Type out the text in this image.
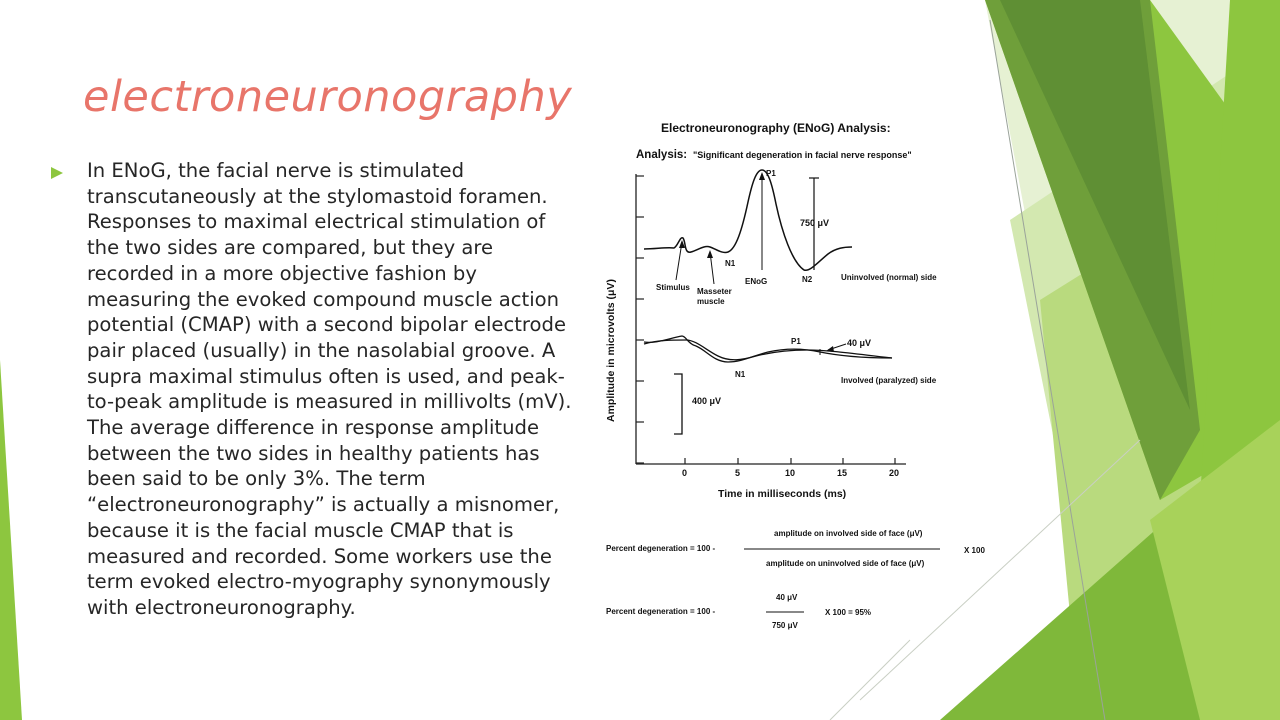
electroneuronography

In ENoG, the facial nerve is stimulated transcutaneously at the stylomastoid foramen. Responses to maximal electrical stimulation of the two sides are compared, but they are recorded in a more objective fashion by measuring the evoked compound muscle action potential (CMAP) with a second bipolar electrode pair placed (usually) in the nasolabial groove. A supra maximal stimulus often is used, and peak-to-peak amplitude is measured in millivolts (mV). The average difference in response amplitude between the two sides in healthy patients has been said to be only 3%. The term “electroneuronography” is actually a misnomer, because it is the facial muscle CMAP that is measured and recorded. Some workers use the term evoked electro-myography synonymously with electroneuronography.

Electroneuronography (ENoG) Analysis:
Analysis: "Significant degeneration in facial nerve response"
Amplitude in microvolts (μV)
0	5	10	15	20
Time in milliseconds (ms)
P1
750 μV
N1
Stimulus Masseter
muscle
ENoG	N2	Uninvolved (normal) side
P1	40 μV
N1
Involved (paralyzed) side
400 μV
Percent degeneration = 100 -
amplitude on involved side of face (μV)
amplitude on uninvolved side of face (μV)
X 100
Percent degeneration = 100 -
40 μV
750 μV
X 100 = 95%
